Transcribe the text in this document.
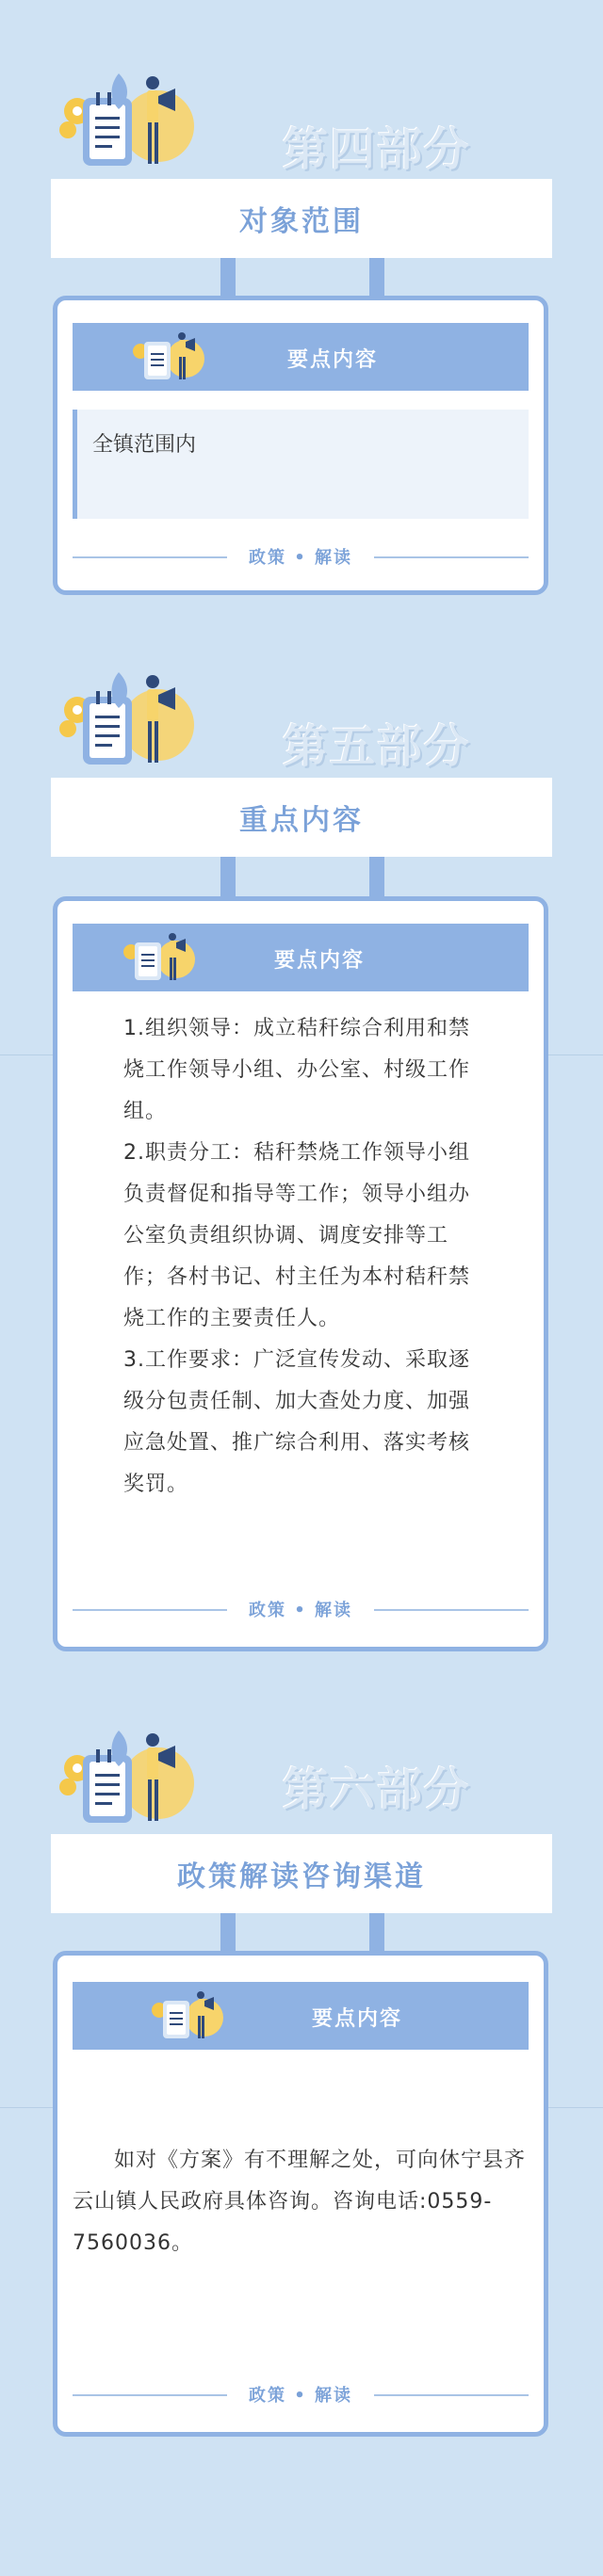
第四部分
对象范围
要点内容
全镇范围内
政策 • 解读
第五部分
重点内容
要点内容

1.组织领导：成立秸秆综合利用和禁烧工作领导小组、办公室、村级工作组。

2.职责分工：秸秆禁烧工作领导小组负责督促和指导等工作；领导小组办公室负责组织协调、调度安排等工作；各村书记、村主任为本村秸秆禁烧工作的主要责任人。

3.工作要求：广泛宣传发动、采取逐级分包责任制、加大查处力度、加强应急处置、推广综合利用、落实考核奖罚。

政策 • 解读
第六部分
政策解读咨询渠道
要点内容
如对《方案》有不理解之处，可向休宁县齐云山镇人民政府具体咨询。咨询电话:0559-7560036。
政策 • 解读
